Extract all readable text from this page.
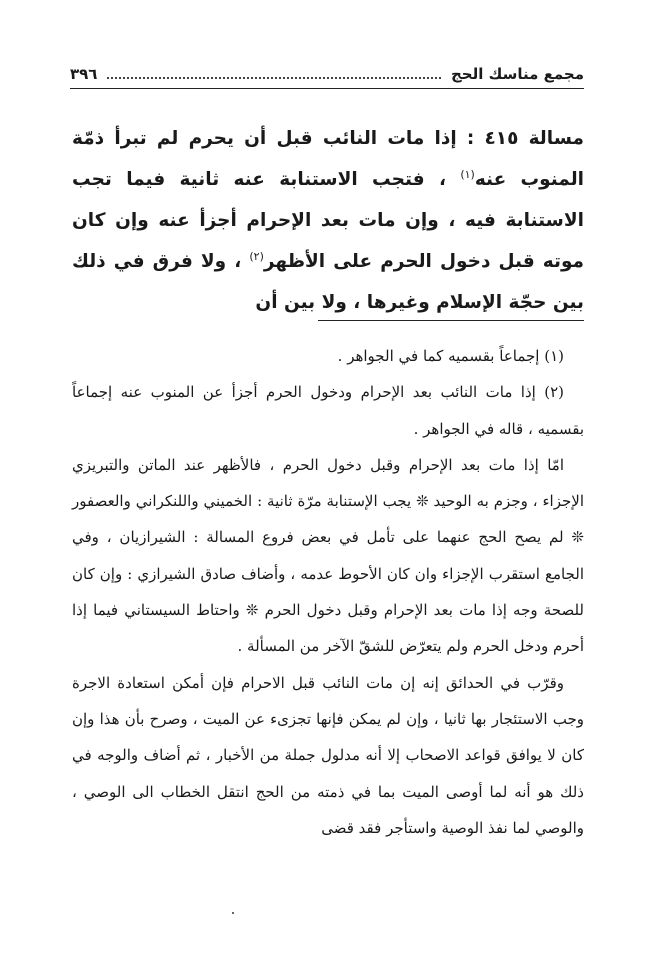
٣٩٦	مجمع مناسك الحج

مسالة ٤١٥ : إذا مات النائب قبل أن يحرم لم تبرأ ذمّة المنوب عنه$^{(١)}$ ، فتجب الاستنابة عنه ثانية فيما تجب الاستنابة فيه ، وإن مات بعد الإحرام أجزأ عنه وإن كان موته قبل دخول الحرم على الأظهر$^{(٢)}$ ، ولا فرق في ذلك بين حجّة الإسلام وغيرها ، ولا بين أن

(١) إجماعاً بقسميه كما في الجواهر .

(٢) إذا مات النائب بعد الإحرام ودخول الحرم أجزأ عن المنوب عنه إجماعاً بقسميه ، قاله في الجواهر .

امّا إذا مات بعد الإحرام وقبل دخول الحرم ، فالأظهر عند الماتن والتبريزي الإجزاء ، وجزم به الوحيد ❊ يجب الإستنابة مرّة ثانية : الخميني واللنكراني والعصفور ❊ لم يصح الحج عنهما على تأمل في بعض فروع المسالة : الشيرازيان ، وفي الجامع استقرب الإجزاء وان كان الأحوط عدمه ، وأضاف صادق الشيرازي : وإن كان للصحة وجه إذا مات بعد الإحرام وقبل دخول الحرم ❊ واحتاط السيستاني فيما إذا أحرم ودخل الحرم ولم يتعرّض للشقّ الآخر من المسألة .

وقرّب في الحدائق إنه إن مات النائب قبل الاحرام فإن أمكن استعادة الاجرة وجب الاستئجار بها ثانيا ، وإن لم يمكن فإنها تجزىء عن الميت ، وصرح بأن هذا وإن كان لا يوافق قواعد الاصحاب إلا أنه مدلول جملة من الأخبار ، ثم أضاف والوجه في ذلك هو أنه لما أوصى الميت بما في ذمته من الحج انتقل الخطاب الى الوصي ، والوصي لما نفذ الوصية واستأجر فقد قضى
